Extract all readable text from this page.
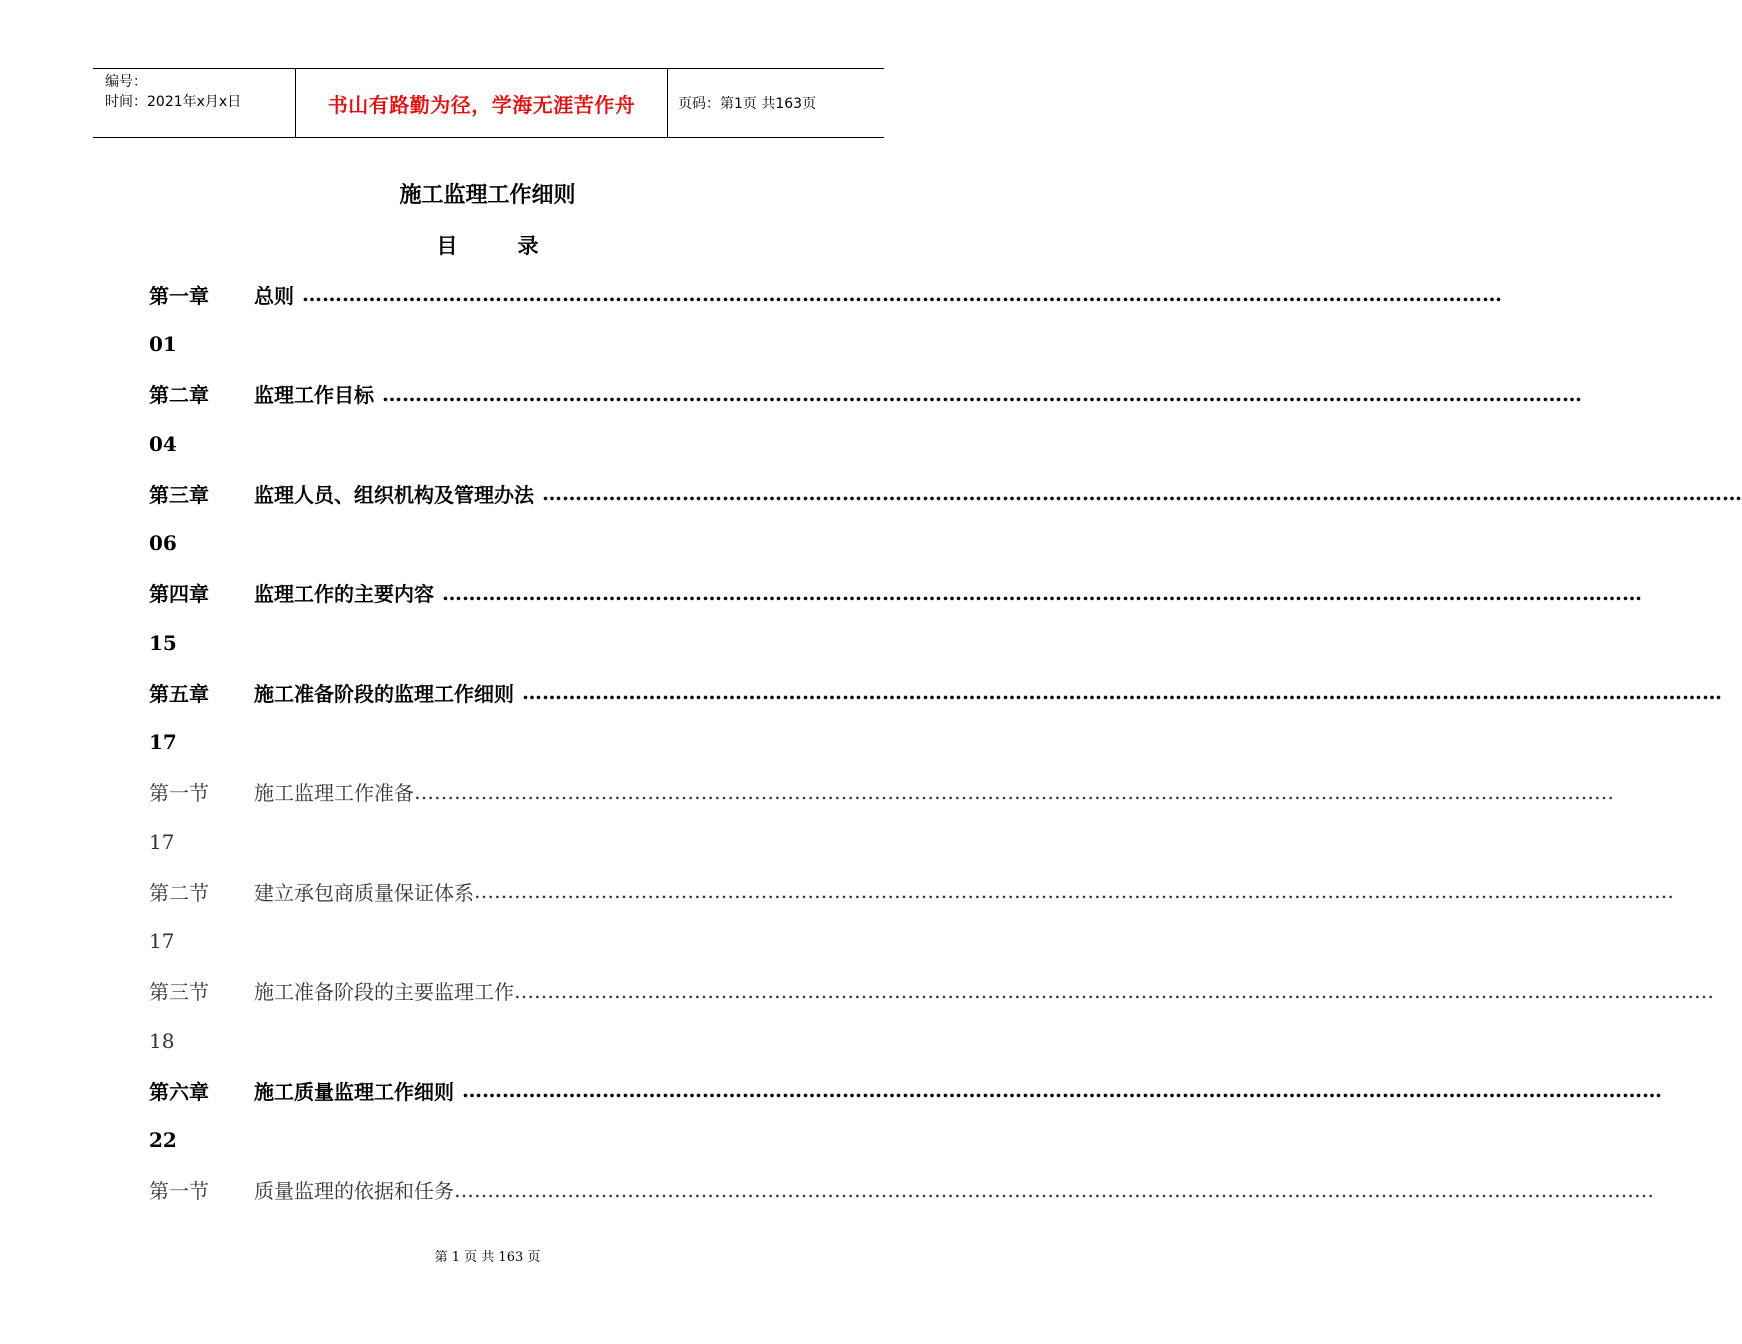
编号：
时间：2021年x月x日	书山有路勤为径，学海无涯苦作舟	页码：第1页 共163页
施工监理工作细则
目录
第一章	总则 ………………………………………………………………………………………………………………………………………………………………
01
第二章	监理工作目标 ………………………………………………………………………………………………………………………………………………………………
04
第三章	监理人员、组织机构及管理办法 ………………………………………………………………………………………………………………………………………………………………
06
第四章	监理工作的主要内容 ………………………………………………………………………………………………………………………………………………………………
15
第五章	施工准备阶段的监理工作细则 ………………………………………………………………………………………………………………………………………………………………
17
第一节	施工监理工作准备 ………………………………………………………………………………………………………………………………………………………………
17
第二节	建立承包商质量保证体系 ………………………………………………………………………………………………………………………………………………………………
17
第三节	施工准备阶段的主要监理工作 ………………………………………………………………………………………………………………………………………………………………
18
第六章	施工质量监理工作细则 ………………………………………………………………………………………………………………………………………………………………
22
第一节	质量监理的依据和任务 ………………………………………………………………………………………………………………………………………………………………
第 1 页 共 163 页
